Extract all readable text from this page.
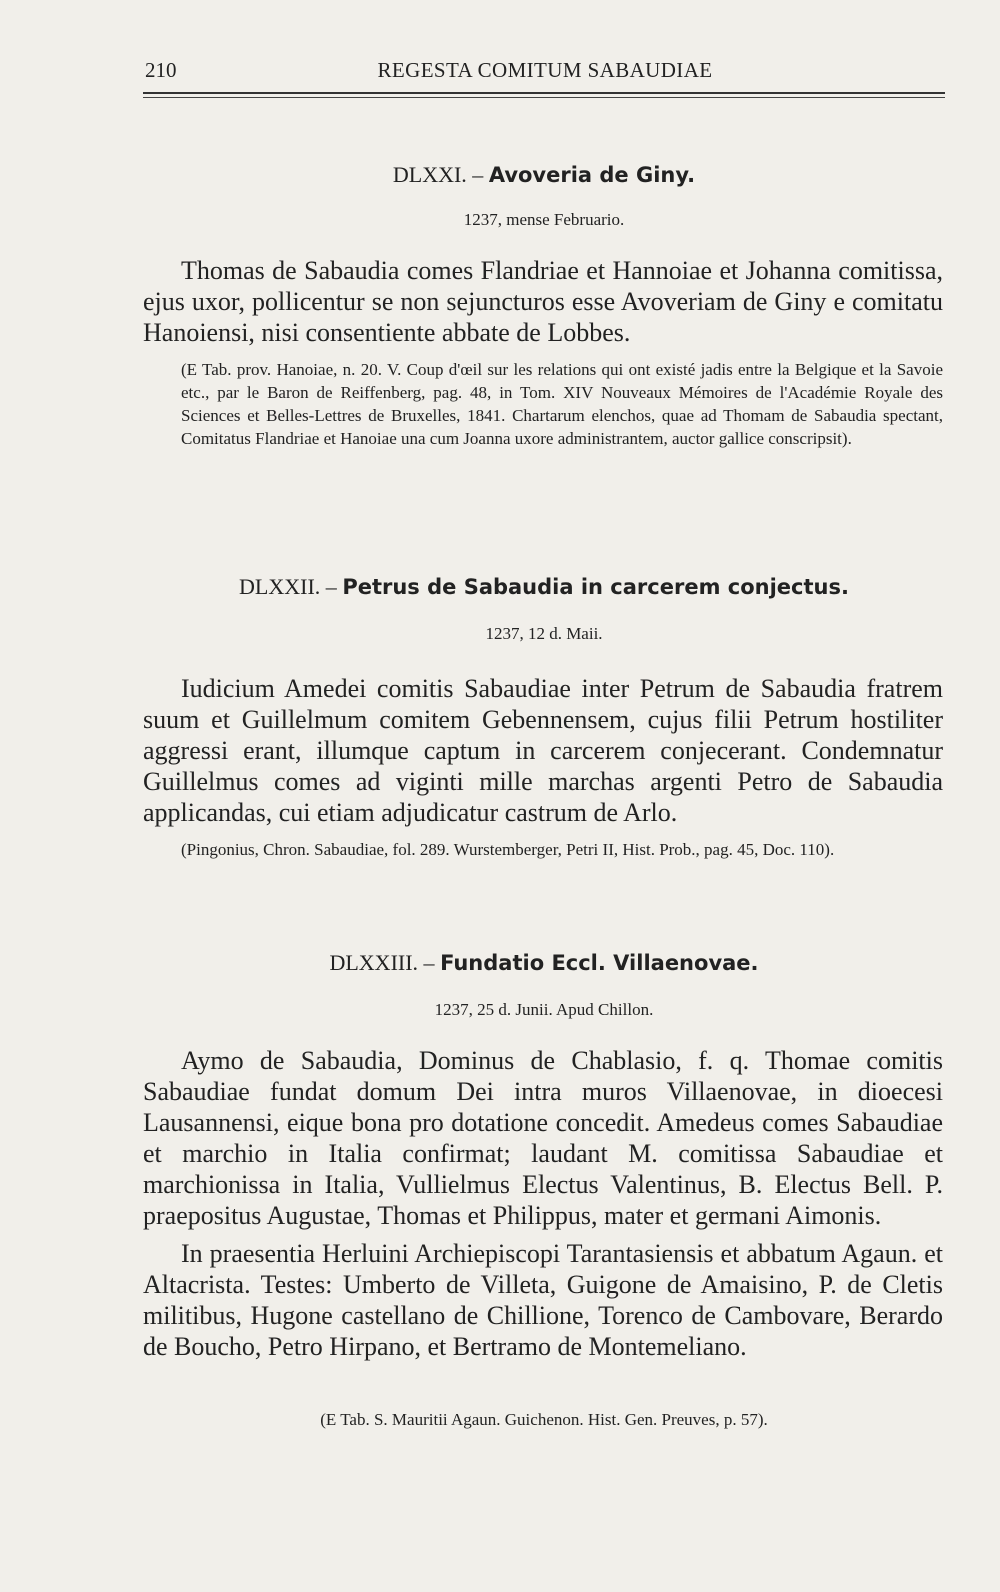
210	REGESTA COMITUM SABAUDIAE
DLXXI. – Avoveria de Giny.
1237, mense Februario.

Thomas de Sabaudia comes Flandriae et Hannoiae et Johanna comitissa, ejus uxor, pollicentur se non sejuncturos esse Avoveriam de Giny e comitatu Hanoiensi, nisi consentiente abbate de Lobbes.

(E Tab. prov. Hanoiae, n. 20. V. Coup d'œil sur les relations qui ont existé jadis entre la Belgique et la Savoie etc., par le Baron de Reiffenberg, pag. 48, in Tom. XIV Nouveaux Mémoires de l'Académie Royale des Sciences et Belles-Lettres de Bruxelles, 1841. Chartarum elenchos, quae ad Thomam de Sabaudia spectant, Comitatus Flandriae et Hanoiae una cum Joanna uxore administrantem, auctor gallice conscripsit).

DLXXII. – Petrus de Sabaudia in carcerem conjectus.
1237, 12 d. Maii.

Iudicium Amedei comitis Sabaudiae inter Petrum de Sabaudia fratrem suum et Guillelmum comitem Gebennensem, cujus filii Petrum hostiliter aggressi erant, illumque captum in carcerem conjecerant. Condemnatur Guillelmus comes ad viginti mille marchas argenti Petro de Sabaudia applicandas, cui etiam adjudicatur castrum de Arlo.

(Pingonius, Chron. Sabaudiae, fol. 289. Wurstemberger, Petri II, Hist. Prob., pag. 45, Doc. 110).

DLXXIII. – Fundatio Eccl. Villaenovae.
1237, 25 d. Junii. Apud Chillon.

Aymo de Sabaudia, Dominus de Chablasio, f. q. Thomae comitis Sabaudiae fundat domum Dei intra muros Villaenovae, in dioecesi Lausannensi, eique bona pro dotatione concedit. Amedeus comes Sabaudiae et marchio in Italia confirmat; laudant M. comitissa Sabaudiae et marchionissa in Italia, Vullielmus Electus Valentinus, B. Electus Bell. P. praepositus Augustae, Thomas et Philippus, mater et germani Aimonis.

In praesentia Herluini Archiepiscopi Tarantasiensis et abbatum Agaun. et Altacrista. Testes: Umberto de Villeta, Guigone de Amaisino, P. de Cletis militibus, Hugone castellano de Chillione, Torenco de Cambovare, Berardo de Boucho, Petro Hirpano, et Bertramo de Montemeliano.

(E Tab. S. Mauritii Agaun. Guichenon. Hist. Gen. Preuves, p. 57).
